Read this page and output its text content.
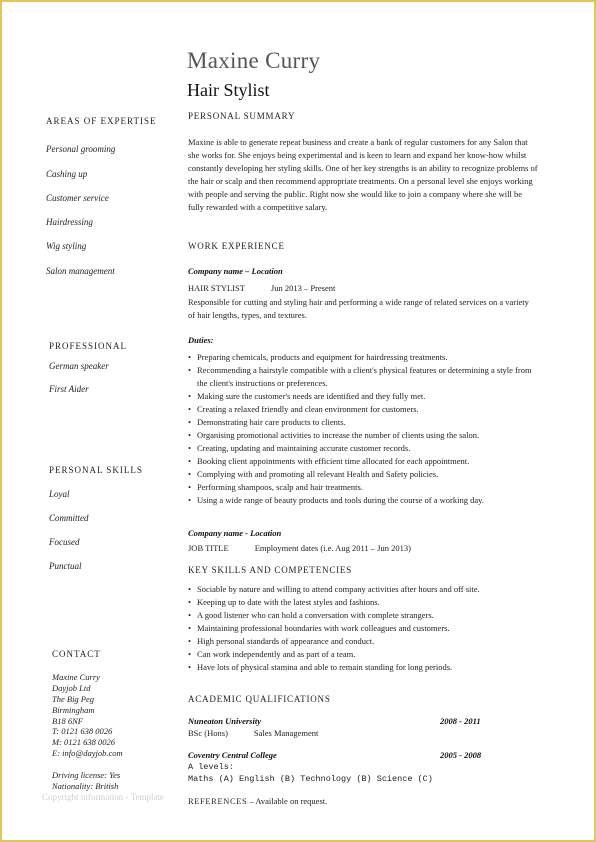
Maxine Curry
Hair Stylist
AREAS OF EXPERTISE
Personal grooming
Cashing up
Customer service
Hairdressing
Wig styling
Salon management
PROFESSIONAL
German speaker
First Aider
PERSONAL SKILLS
Loyal
Committed
Focused
Punctual
CONTACT
Maxine Curry
Dayjob Ltd
The Big Peg
Birmingham
B18 6NF
T: 0121 638 0026
M: 0121 638 0026
E: info@dayjob.com
Driving license: Yes
Nationality: British
PERSONAL SUMMARY
Maxine is able to generate repeat business and create a bank of regular customers for any Salon that she works for. She enjoys being experimental and is keen to learn and expand her know-how whilst constantly developing her styling skills. One of her key strengths is an ability to recognize problems of the hair or scalp and then recommend appropriate treatments. On a personal level she enjoys working with people and serving the public. Right now she would like to join a company where she will be fully rewarded with a competitive salary.
WORK EXPERIENCE
Company name – Location
HAIR STYLIST	Jun 2013 – Present
Responsible for cutting and styling hair and performing a wide range of related services on a variety of hair lengths, types, and textures.
Duties:
• Preparing chemicals, products and equipment for hairdressing treatments.
• Recommending a hairstyle compatible with a client's physical features or determining a style from the client's instructions or preferences.
• Making sure the customer's needs are identified and they fully met.
• Creating a relaxed friendly and clean environment for customers.
• Demonstrating hair care products to clients.
• Organising promotional activities to increase the number of clients using the salon.
• Creating, updating and maintaining accurate customer records.
• Booking client appointments with efficient time allocated for each appointment.
• Complying with and promoting all relevant Health and Safety policies.
• Performing shampoos, scalp and hair treatments.
• Using a wide range of beauty products and tools during the course of a working day.
Company name - Location
JOB TITLE	Employment dates (i.e. Aug 2011 – Jun 2013)
KEY SKILLS AND COMPETENCIES
• Sociable by nature and willing to attend company activities after hours and off site.
• Keeping up to date with the latest styles and fashions.
• A good listener who can hold a conversation with complete strangers.
• Maintaining professional boundaries with work colleagues and customers.
• High personal standards of appearance and conduct.
• Can work independently and as part of a team.
• Have lots of physical stamina and able to remain standing for long periods.
ACADEMIC QUALIFICATIONS
Nuneaton University	2008 - 2011
BSc (Hons)	Sales Management
Coventry Central College	2005 - 2008
A levels:
Maths (A) English (B) Technology (B) Science (C)
REFERENCES – Available on request.
Copyright information - Template
